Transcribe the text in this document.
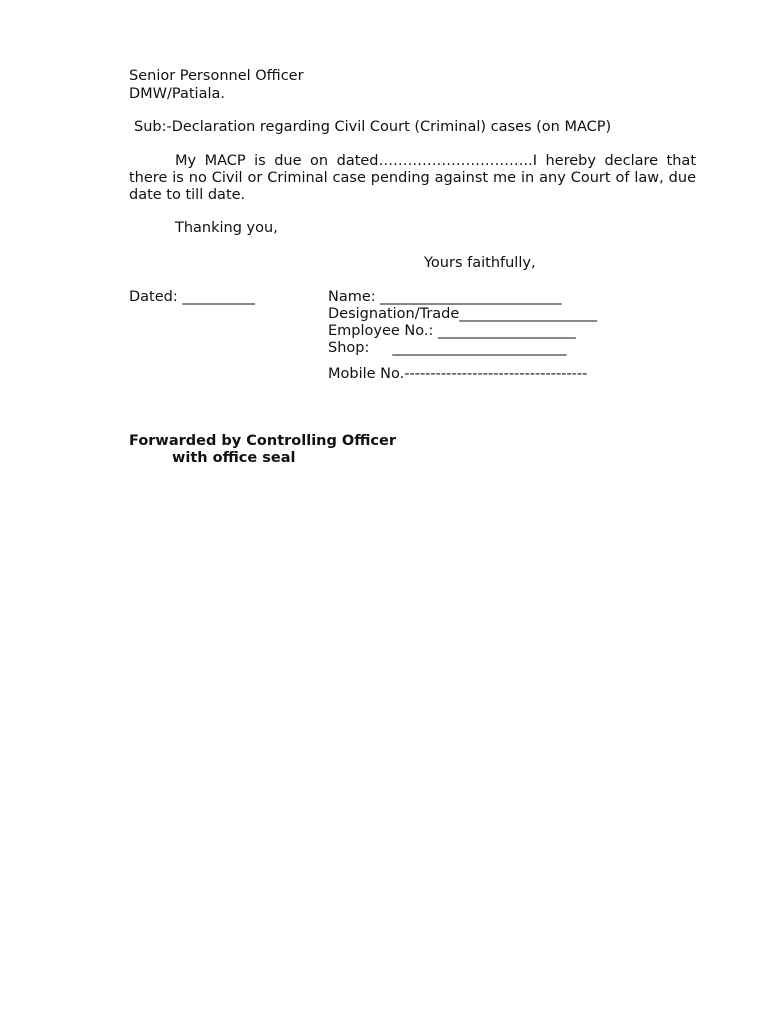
Senior Personnel Officer
DMW/Patiala.
Sub:-Declaration regarding Civil Court (Criminal) cases (on MACP)
My MACP is due on dated…………………………..I hereby declare that there is no Civil or Criminal case pending against me in any Court of law, due date to till date.
Thanking you,
Yours faithfully,
Dated: __________	Name: _________________________
Designation/Trade___________________
Employee No.: ___________________
Shop:     ________________________
Mobile No.-----------------------------------
Forwarded by Controlling Officer
with office seal
